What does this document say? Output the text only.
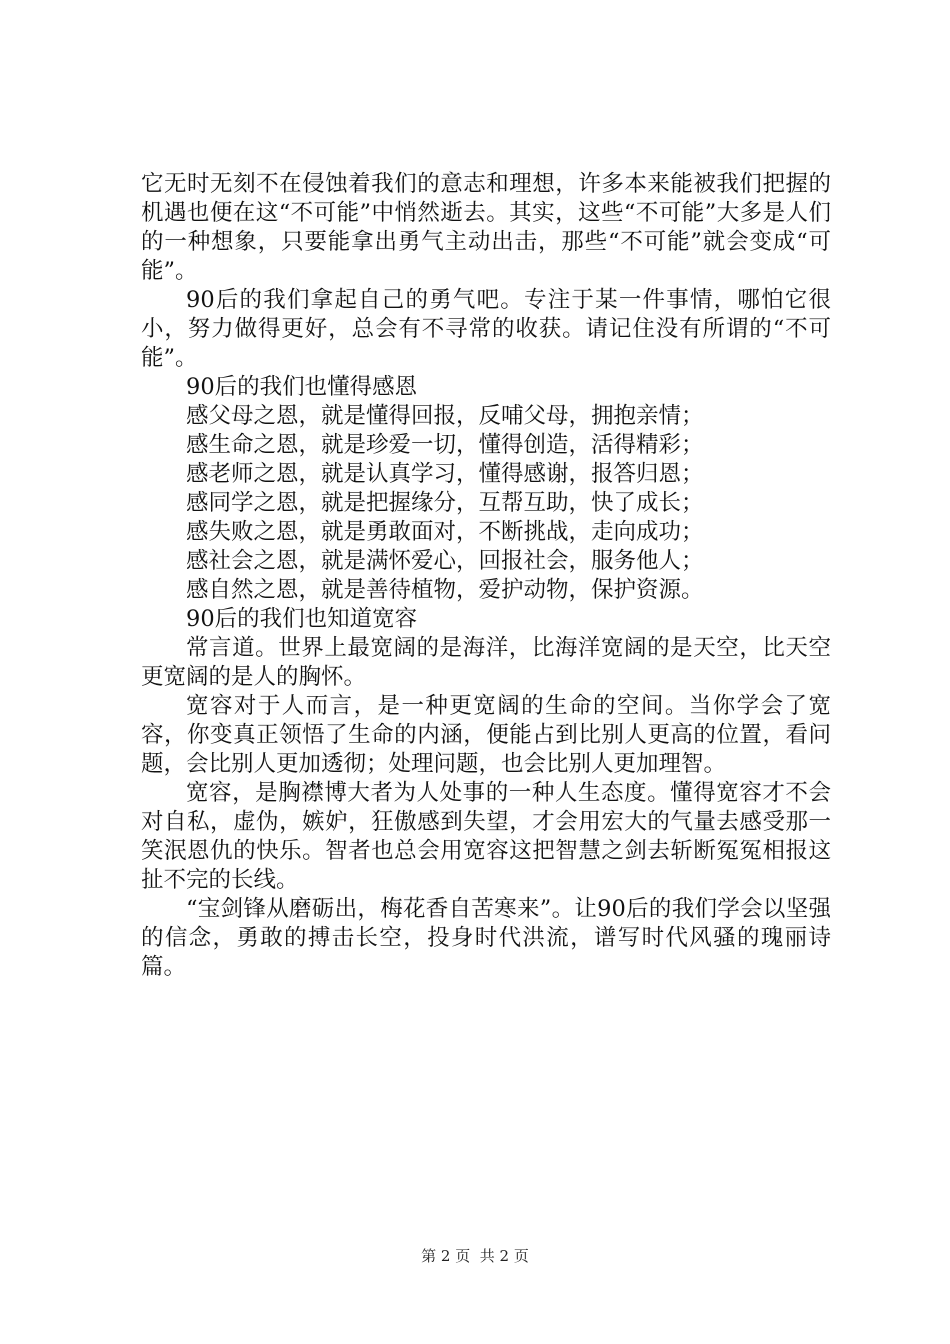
它无时无刻不在侵蚀着我们的意志和理想，许多本来能被我们把握的机遇也便在这“不可能”中悄然逝去。其实，这些“不可能”大多是人们的一种想象，只要能拿出勇气主动出击，那些“不可能”就会变成“可能”。

90后的我们拿起自己的勇气吧。专注于某一件事情，哪怕它很小，努力做得更好，总会有不寻常的收获。请记住没有所谓的“不可能”。

90后的我们也懂得感恩

感父母之恩，就是懂得回报，反哺父母，拥抱亲情；

感生命之恩，就是珍爱一切，懂得创造，活得精彩；

感老师之恩，就是认真学习，懂得感谢，报答归恩；

感同学之恩，就是把握缘分，互帮互助，快了成长；

感失败之恩，就是勇敢面对，不断挑战，走向成功；

感社会之恩，就是满怀爱心，回报社会，服务他人；

感自然之恩，就是善待植物，爱护动物，保护资源。

90后的我们也知道宽容

常言道。世界上最宽阔的是海洋，比海洋宽阔的是天空，比天空更宽阔的是人的胸怀。

宽容对于人而言，是一种更宽阔的生命的空间。当你学会了宽容，你变真正领悟了生命的内涵，便能占到比别人更高的位置，看问题，会比别人更加透彻；处理问题，也会比别人更加理智。

宽容，是胸襟博大者为人处事的一种人生态度。懂得宽容才不会对自私，虚伪，嫉妒，狂傲感到失望，才会用宏大的气量去感受那一笑泯恩仇的快乐。智者也总会用宽容这把智慧之剑去斩断冤冤相报这扯不完的长线。

“宝剑锋从磨砺出，梅花香自苦寒来”。让90后的我们学会以坚强的信念，勇敢的搏击长空，投身时代洪流，谱写时代风骚的瑰丽诗篇。

第 2 页  共 2 页
